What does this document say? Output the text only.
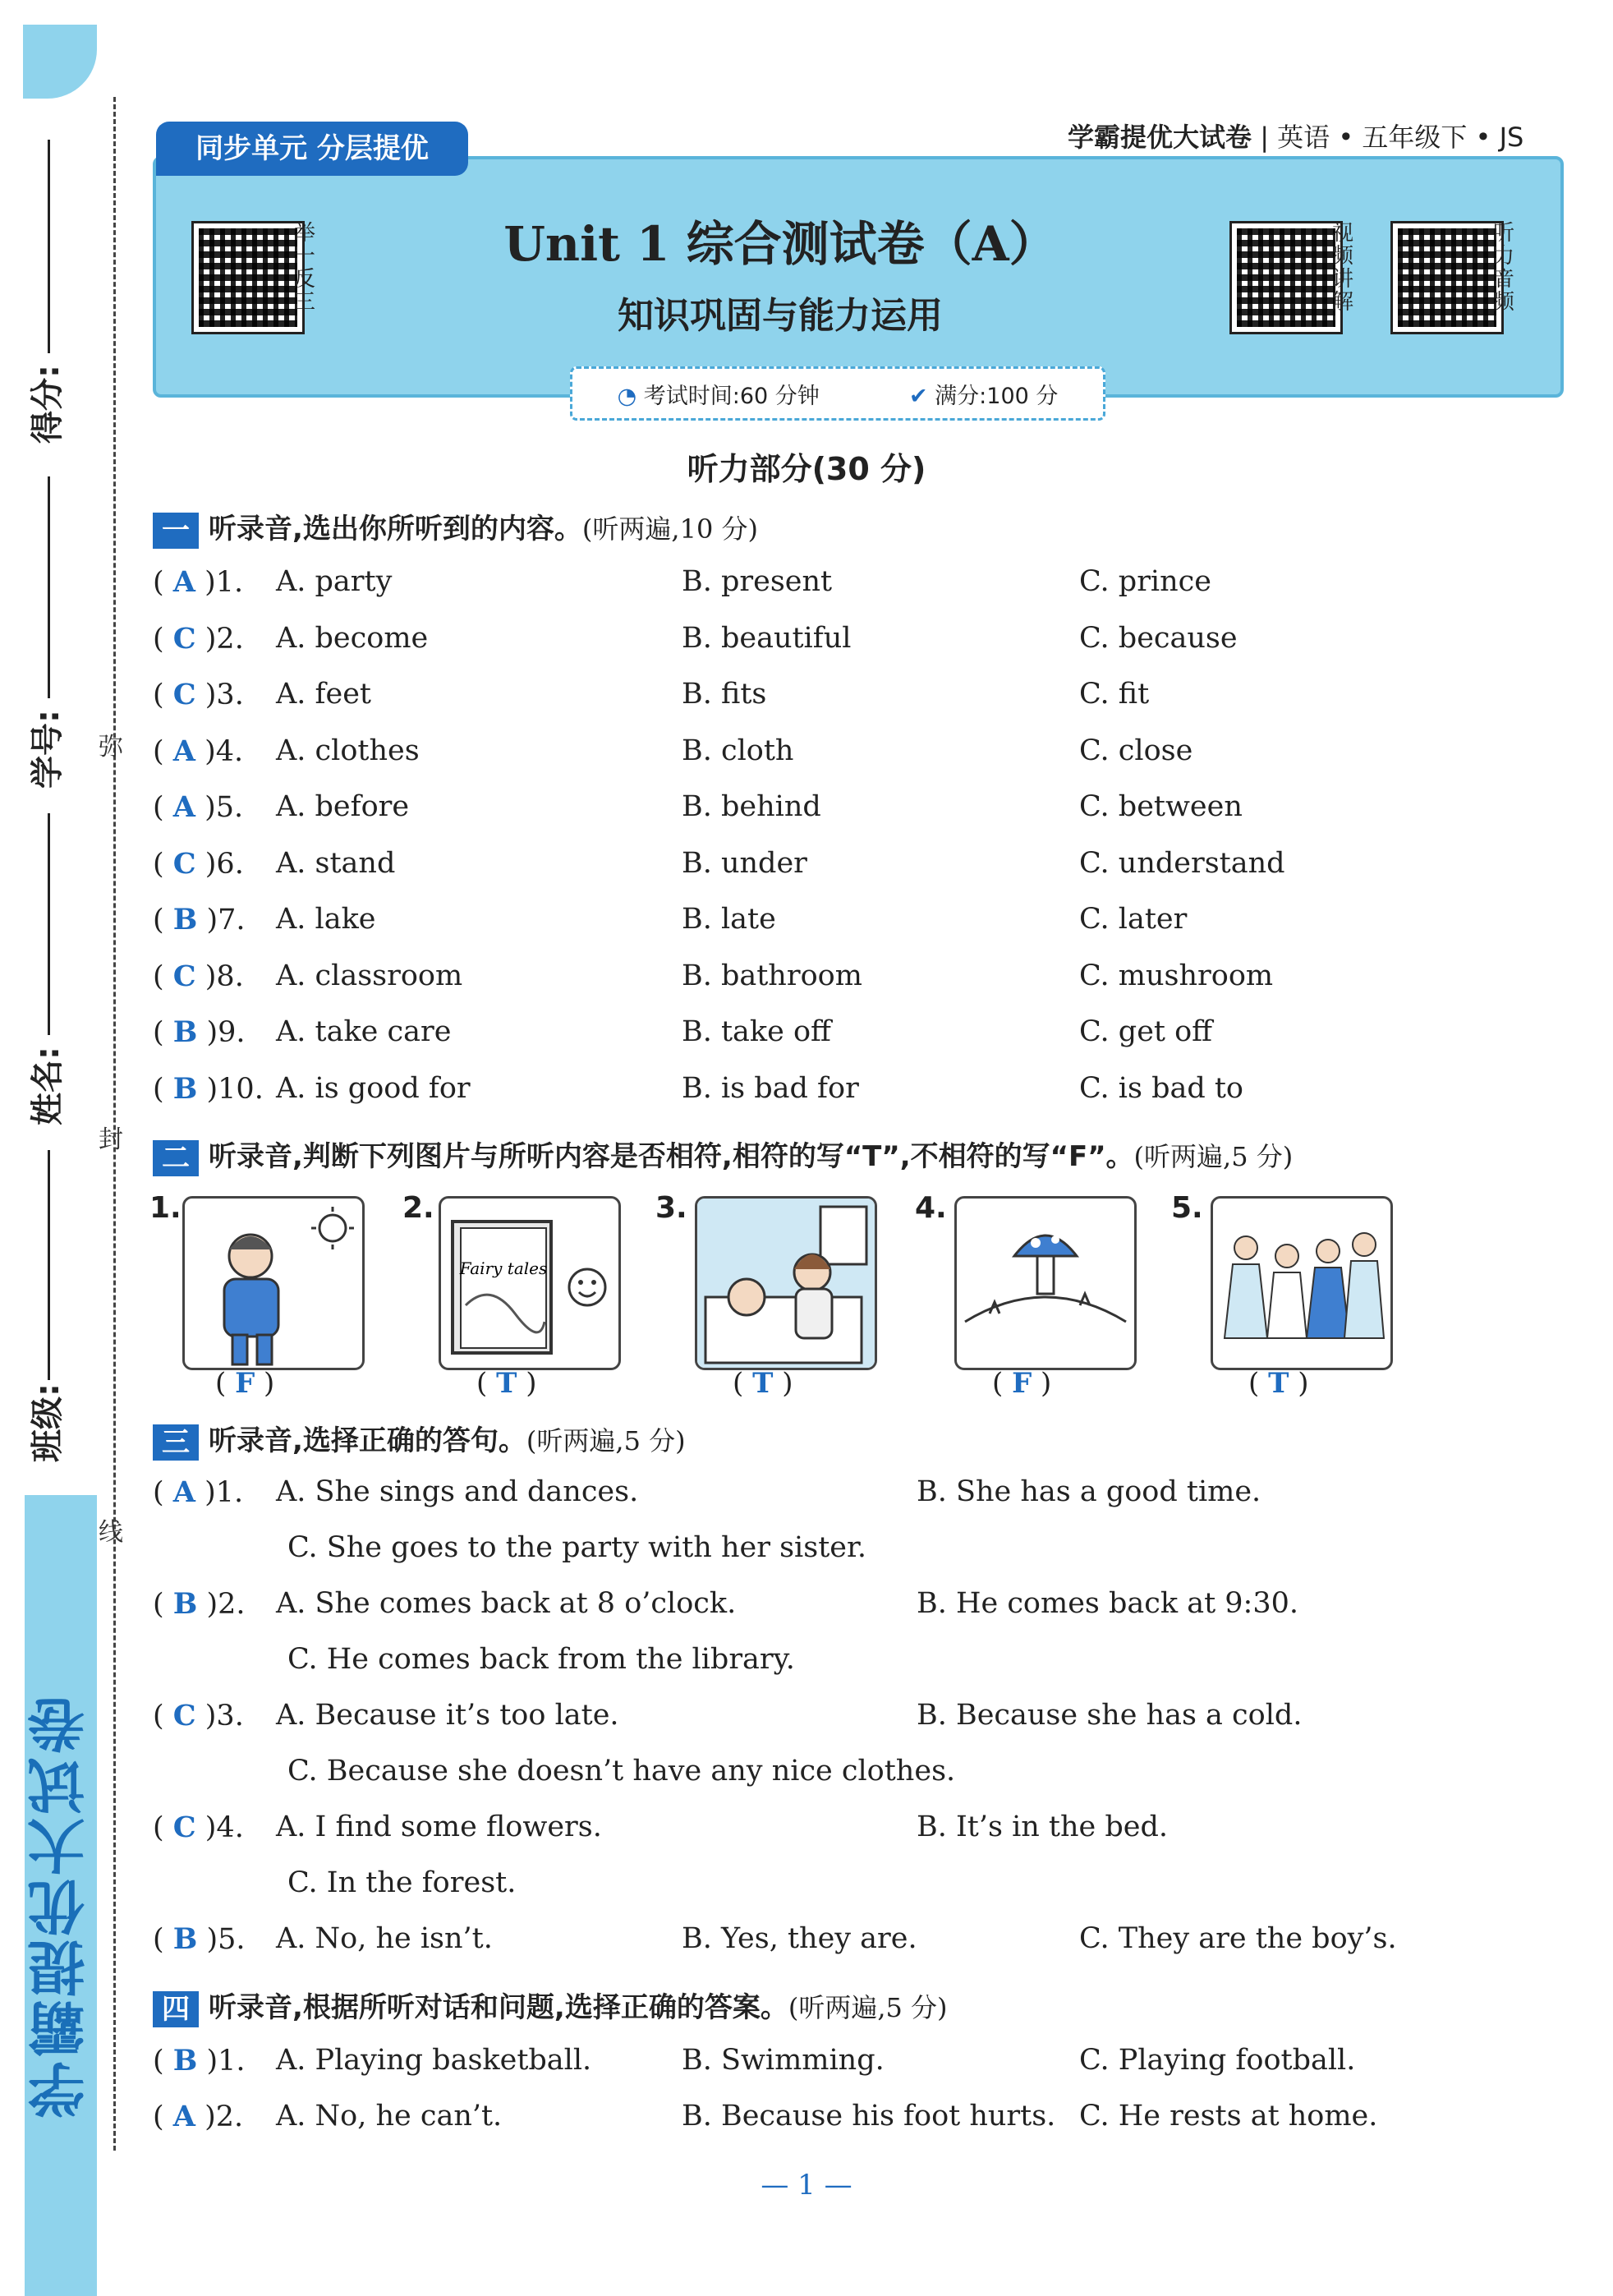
学霸提优大试卷
得分:
学号:
姓名:
班级:
弥
封
线
同步单元 分层提优	学霸提优大试卷 | 英语 • 五年级下 • JS
举一反三
视频讲解
听力音频
Unit 1 综合测试卷（A）
知识巩固与能力运用
◔ 考试时间:60 分钟	✔ 满分:100 分
听力部分(30 分)
一 听录音,选出你所听到的内容。(听两遍,10 分)
( A )1. A. party	B. present	C. prince
( C )2. A. become	B. beautiful	C. because
( C )3. A. feet	B. fits	C. fit
( A )4. A. clothes	B. cloth	C. close
( A )5. A. before	B. behind	C. between
( C )6. A. stand	B. under	C. understand
( B )7. A. lake	B. late	C. later
( C )8. A. classroom	B. bathroom	C. mushroom
( B )9. A. take care	B. take off	C. get off
( B )10. A. is good for	B. is bad for	C. is bad to
二 听录音,判断下列图片与所听内容是否相符,相符的写“T”,不相符的写“F”。(听两遍,5 分)
1.
( F )
2.
Fairy tales
( T )
3.
( T )
4.
( F )
5.
( T )
三 听录音,选择正确的答句。(听两遍,5 分)
( A )1. A. She sings and dances.	B. She has a good time.
C. She goes to the party with her sister.
( B )2. A. She comes back at 8 o’clock.	B. He comes back at 9:30.
C. He comes back from the library.
( C )3. A. Because it’s too late.	B. Because she has a cold.
C. Because she doesn’t have any nice clothes.
( C )4. A. I find some flowers.	B. It’s in the bed.
C. In the forest.
( B )5. A. No, he isn’t.	B. Yes, they are.	C. They are the boy’s.
四 听录音,根据所听对话和问题,选择正确的答案。(听两遍,5 分)
( B )1. A. Playing basketball.	B. Swimming.	C. Playing football.
( A )2. A. No, he can’t.	B. Because his foot hurts. C. He rests at home.
— 1 —
